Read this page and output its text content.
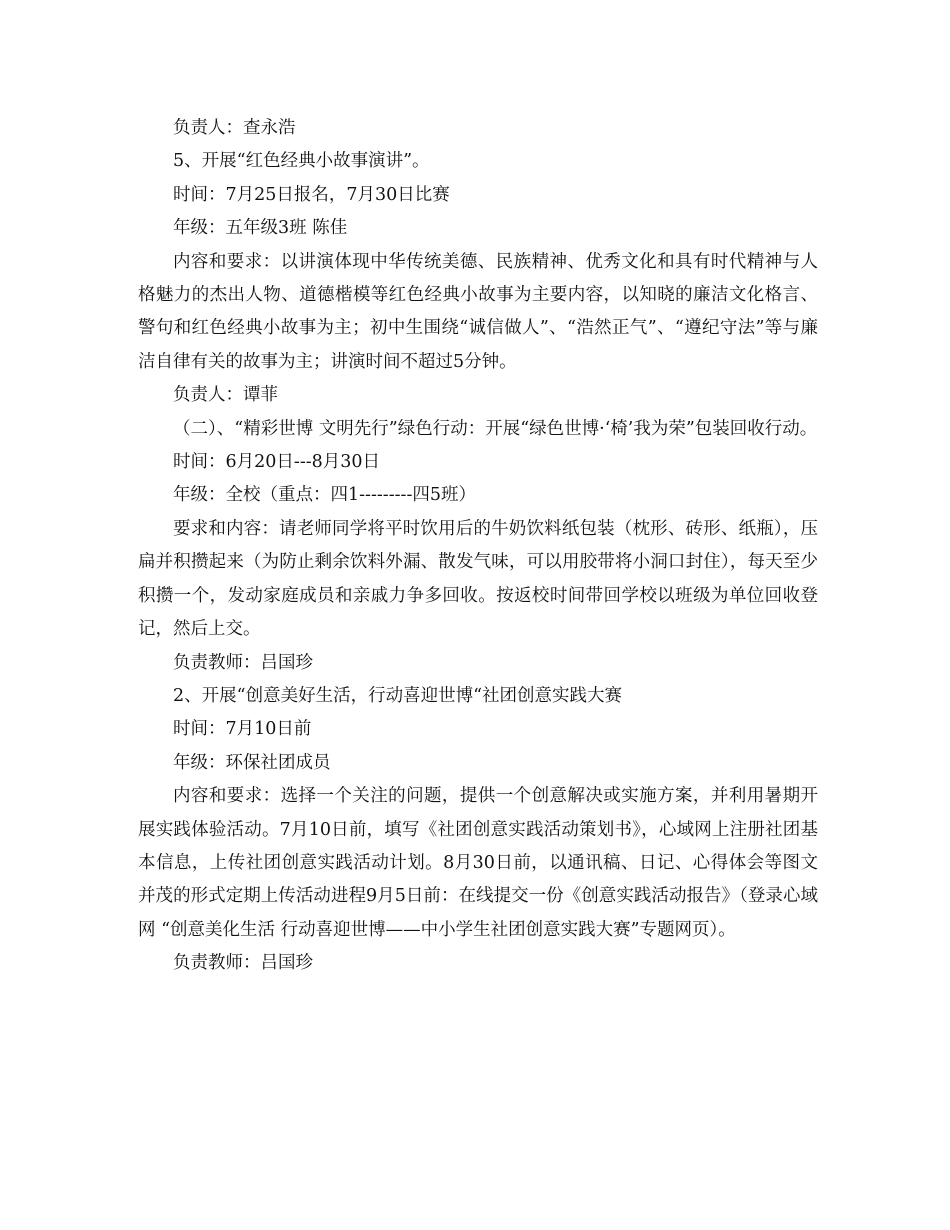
负责人：查永浩

5、开展“红色经典小故事演讲”。

时间：7月25日报名，7月30日比赛

年级：五年级3班 陈佳

内容和要求：以讲演体现中华传统美德、民族精神、优秀文化和具有时代精神与人格魅力的杰出人物、道德楷模等红色经典小故事为主要内容，以知晓的廉洁文化格言、警句和红色经典小故事为主；初中生围绕“诚信做人”、“浩然正气”、“遵纪守法”等与廉洁自律有关的故事为主；讲演时间不超过5分钟。

负责人：谭菲

（二）、“精彩世博 文明先行”绿色行动：开展“绿色世博·‘椅’我为荣”包装回收行动。

时间：6月20日---8月30日

年级：全校（重点：四1---------四5班）

要求和内容：请老师同学将平时饮用后的牛奶饮料纸包装（枕形、砖形、纸瓶），压扁并积攒起来（为防止剩余饮料外漏、散发气味，可以用胶带将小洞口封住），每天至少积攒一个，发动家庭成员和亲戚力争多回收。按返校时间带回学校以班级为单位回收登记，然后上交。

负责教师：吕国珍

2、开展“创意美好生活，行动喜迎世博“社团创意实践大赛

时间：7月10日前

年级：环保社团成员

内容和要求：选择一个关注的问题，提供一个创意解决或实施方案，并利用暑期开展实践体验活动。7月10日前，填写《社团创意实践活动策划书》，心域网上注册社团基本信息，上传社团创意实践活动计划。8月30日前，以通讯稿、日记、心得体会等图文并茂的形式定期上传活动进程9月5日前：在线提交一份《创意实践活动报告》（登录心域网 “创意美化生活 行动喜迎世博——中小学生社团创意实践大赛”专题网页）。

负责教师：吕国珍
